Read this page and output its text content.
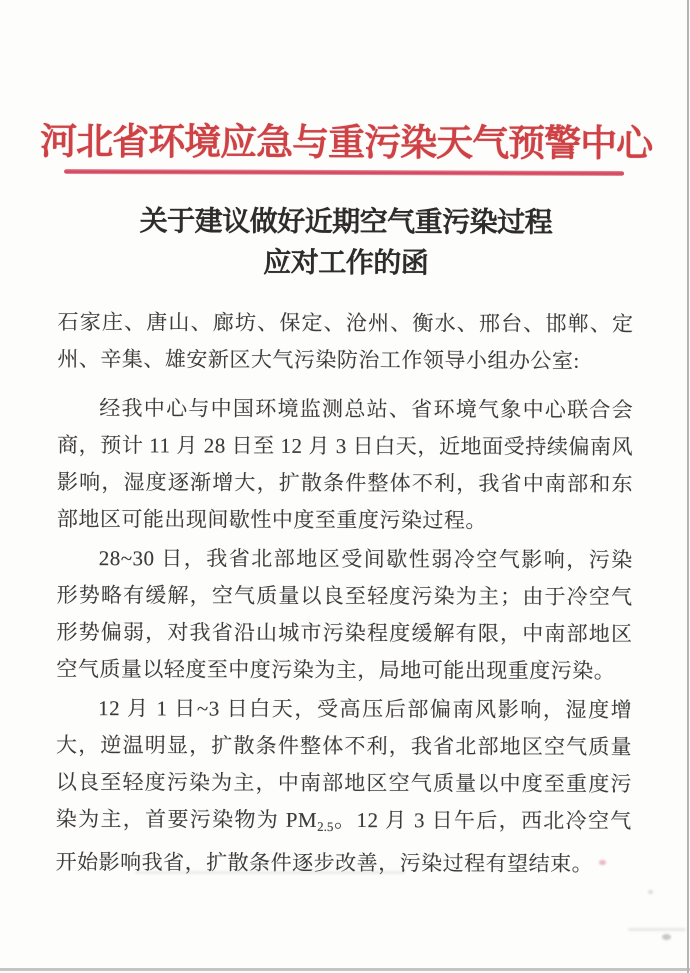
河北省环境应急与重污染天气预警中心
关于建议做好近期空气重污染过程
应对工作的函

石家庄、唐山、廊坊、保定、沧州、衡水、邢台、邯郸、定州、辛集、雄安新区大气污染防治工作领导小组办公室:

经我中心与中国环境监测总站、省环境气象中心联合会商，预计 11 月 28 日至 12 月 3 日白天，近地面受持续偏南风影响，湿度逐渐增大，扩散条件整体不利，我省中南部和东部地区可能出现间歇性中度至重度污染过程。

28~30 日，我省北部地区受间歇性弱冷空气影响，污染形势略有缓解，空气质量以良至轻度污染为主；由于冷空气形势偏弱，对我省沿山城市污染程度缓解有限，中南部地区空气质量以轻度至中度污染为主，局地可能出现重度污染。

12 月 1 日~3 日白天，受高压后部偏南风影响，湿度增大，逆温明显，扩散条件整体不利，我省北部地区空气质量以良至轻度污染为主，中南部地区空气质量以中度至重度污染为主，首要污染物为 $PM_{2.5}$。12 月 3 日午后，西北冷空气开始影响我省，扩散条件逐步改善，污染过程有望结束。
